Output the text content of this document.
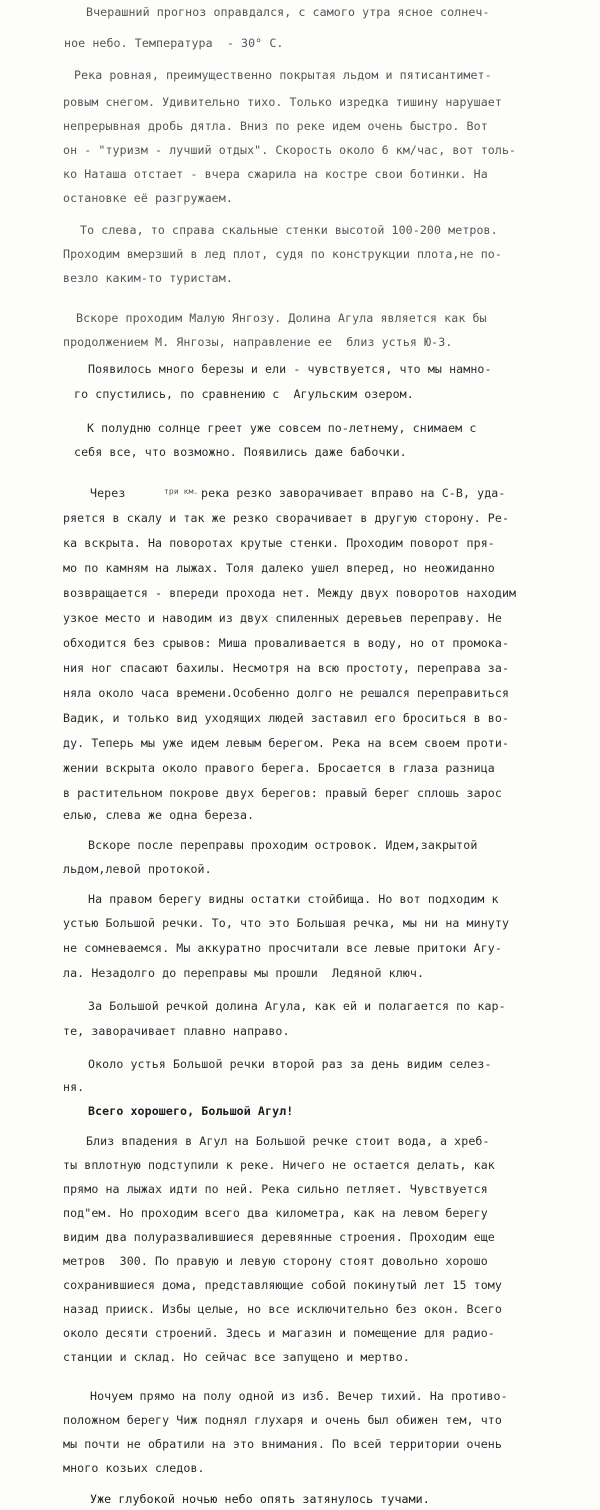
Вчерашний прогноз оправдался, с самого утра ясное солнеч-

ное небо. Температура  - 30° С.

Река ровная, преимущественно покрытая льдом и пятисантимет-

ровым снегом. Удивительно тихо. Только изредка тишину нарушает

непрерывная дробь дятла. Вниз по реке идем очень быстро. Вот

он - "туризм - лучший отдых". Скорость около 6 км/час, вот толь-

ко Наташа отстает - вчера сжарила на костре свои ботинки. На

остановке её разгружаем.

То слева, то справа скальные стенки высотой 100-200 метров.

Проходим вмерзший в лед плот, судя по конструкции плота,не по-

везло каким-то туристам.

Вскоре проходим Малую Янгозу. Долина Агула является как бы

продолжением М. Янгозы, направление ее  близ устья Ю-З.

Появилось много березы и ели - чувствуется, что мы намно-

го спустились, по сравнению с  Агульским озером.

К полудню солнце греет уже совсем по-летнему, снимаем с

себя все, что возможно. Появились даже бабочки.

Через	три км. река резко заворачивает вправо на С-В, уда-

ряется в скалу и так же резко сворачивает в другую сторону. Ре-

ка вскрыта. На поворотах крутые стенки. Проходим поворот пря-

мо по камням на лыжах. Толя далеко ушел вперед, но неожиданно

возвращается - впереди прохода нет. Между двух поворотов находим

узкое место и наводим из двух спиленных деревьев переправу. Не

обходится без срывов: Миша проваливается в воду, но от промока-

ния ног спасают бахилы. Несмотря на всю простоту, переправа за-

няла около часа времени.Особенно долго не решался переправиться

Вадик, и только вид уходящих людей заставил его броситься в во-

ду. Теперь мы уже идем левым берегом. Река на всем своем проти-

жении вскрыта около правого берега. Бросается в глаза разница

в растительном покрове двух берегов: правый берег сплошь зарос

елью, слева же одна береза.

Вскоре после переправы проходим островок. Идем,закрытой

льдом,левой протокой.

На правом берегу видны остатки стойбища. Но вот подходим к

устью Большой речки. То, что это Большая речка, мы ни на минуту

не сомневаемся. Мы аккуратно просчитали все левые притоки Агу-

ла. Незадолго до переправы мы прошли  Ледяной ключ.

За Большой речкой долина Агула, как ей и полагается по кар-

те, заворачивает плавно направо.

Около устья Большой речки второй раз за день видим селез-

ня.

Всего хорошего, Большой Агул!

Близ впадения в Агул на Большой речке стоит вода, а хреб-

ты вплотную подступили к реке. Ничего не остается делать, как

прямо на лыжах идти по ней. Река сильно петляет. Чувствуется

под"ем. Но проходим всего два километра, как на левом берегу

видим два полуразвалившиеся деревянные строения. Проходим еще

метров  300. По правую и левую сторону стоят довольно хорошо

сохранившиеся дома, представляющие собой покинутый лет 15 тому

назад прииск. Избы целые, но все исключительно без окон. Всего

около десяти строений. Здесь и магазин и помещение для радио-

станции и склад. Но сейчас все запущено и мертво.

Ночуем прямо на полу одной из изб. Вечер тихий. На противо-

положном берегу Чиж поднял глухаря и очень был обижен тем, что

мы почти не обратили на это внимания. По всей территории очень

много козьих следов.

Уже глубокой ночью небо опять затянулось тучами.
